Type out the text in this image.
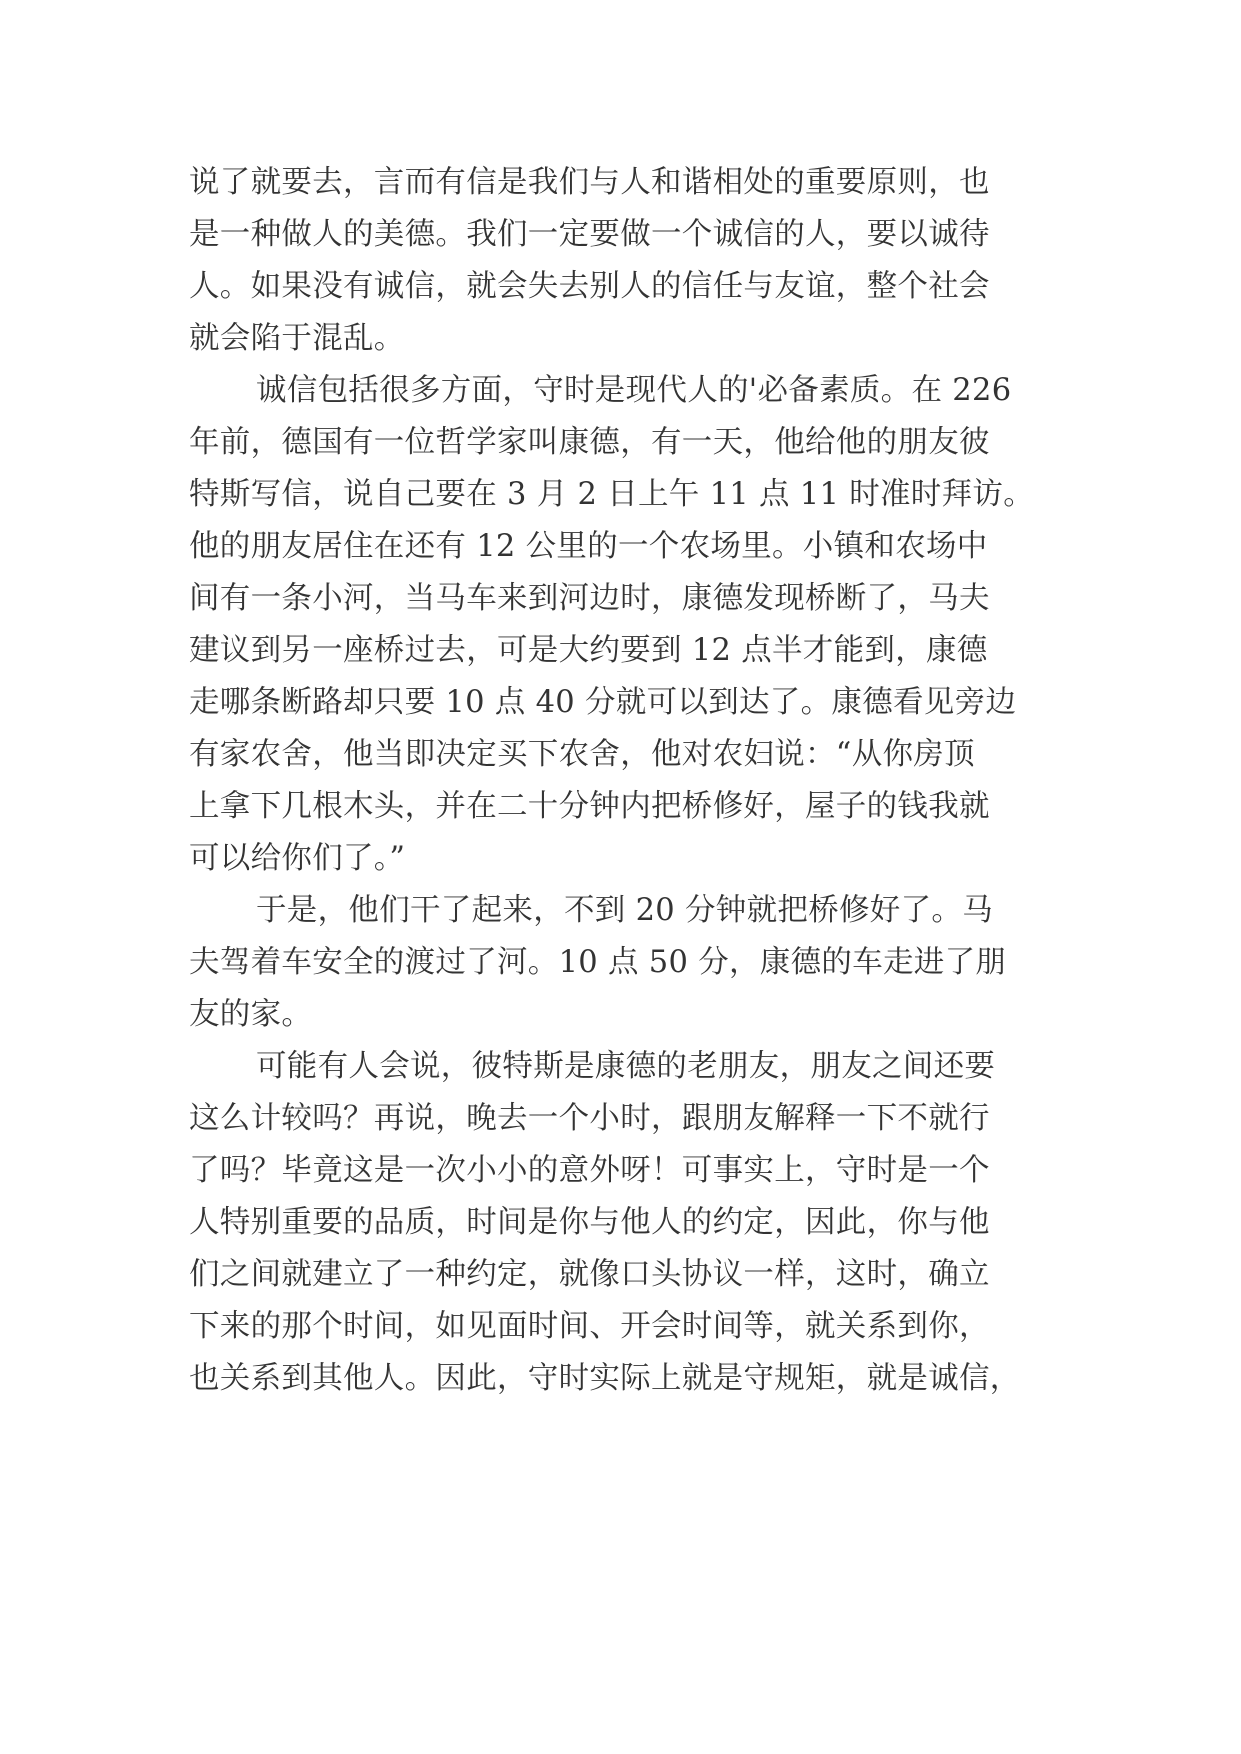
说了就要去，言而有信是我们与人和谐相处的重要原则，也
是一种做人的美德。我们一定要做一个诚信的人，要以诚待
人。如果没有诚信，就会失去别人的信任与友谊，整个社会
就会陷于混乱。
诚信包括很多方面，守时是现代人的'必备素质。在 226
年前，德国有一位哲学家叫康德，有一天，他给他的朋友彼
特斯写信，说自己要在 3 月 2 日上午 11 点 11 时准时拜访。
他的朋友居住在还有 12 公里的一个农场里。小镇和农场中
间有一条小河，当马车来到河边时，康德发现桥断了，马夫
建议到另一座桥过去，可是大约要到 12 点半才能到，康德
走哪条断路却只要 10 点 40 分就可以到达了。康德看见旁边
有家农舍，他当即决定买下农舍，他对农妇说：“从你房顶
上拿下几根木头，并在二十分钟内把桥修好，屋子的钱我就
可以给你们了。”
于是，他们干了起来，不到 20 分钟就把桥修好了。马
夫驾着车安全的渡过了河。10 点 50 分，康德的车走进了朋
友的家。
可能有人会说，彼特斯是康德的老朋友，朋友之间还要
这么计较吗？再说，晚去一个小时，跟朋友解释一下不就行
了吗？毕竟这是一次小小的意外呀！可事实上，守时是一个
人特别重要的品质，时间是你与他人的约定，因此，你与他
们之间就建立了一种约定，就像口头协议一样，这时，确立
下来的那个时间，如见面时间、开会时间等，就关系到你，
也关系到其他人。因此，守时实际上就是守规矩，就是诚信，
